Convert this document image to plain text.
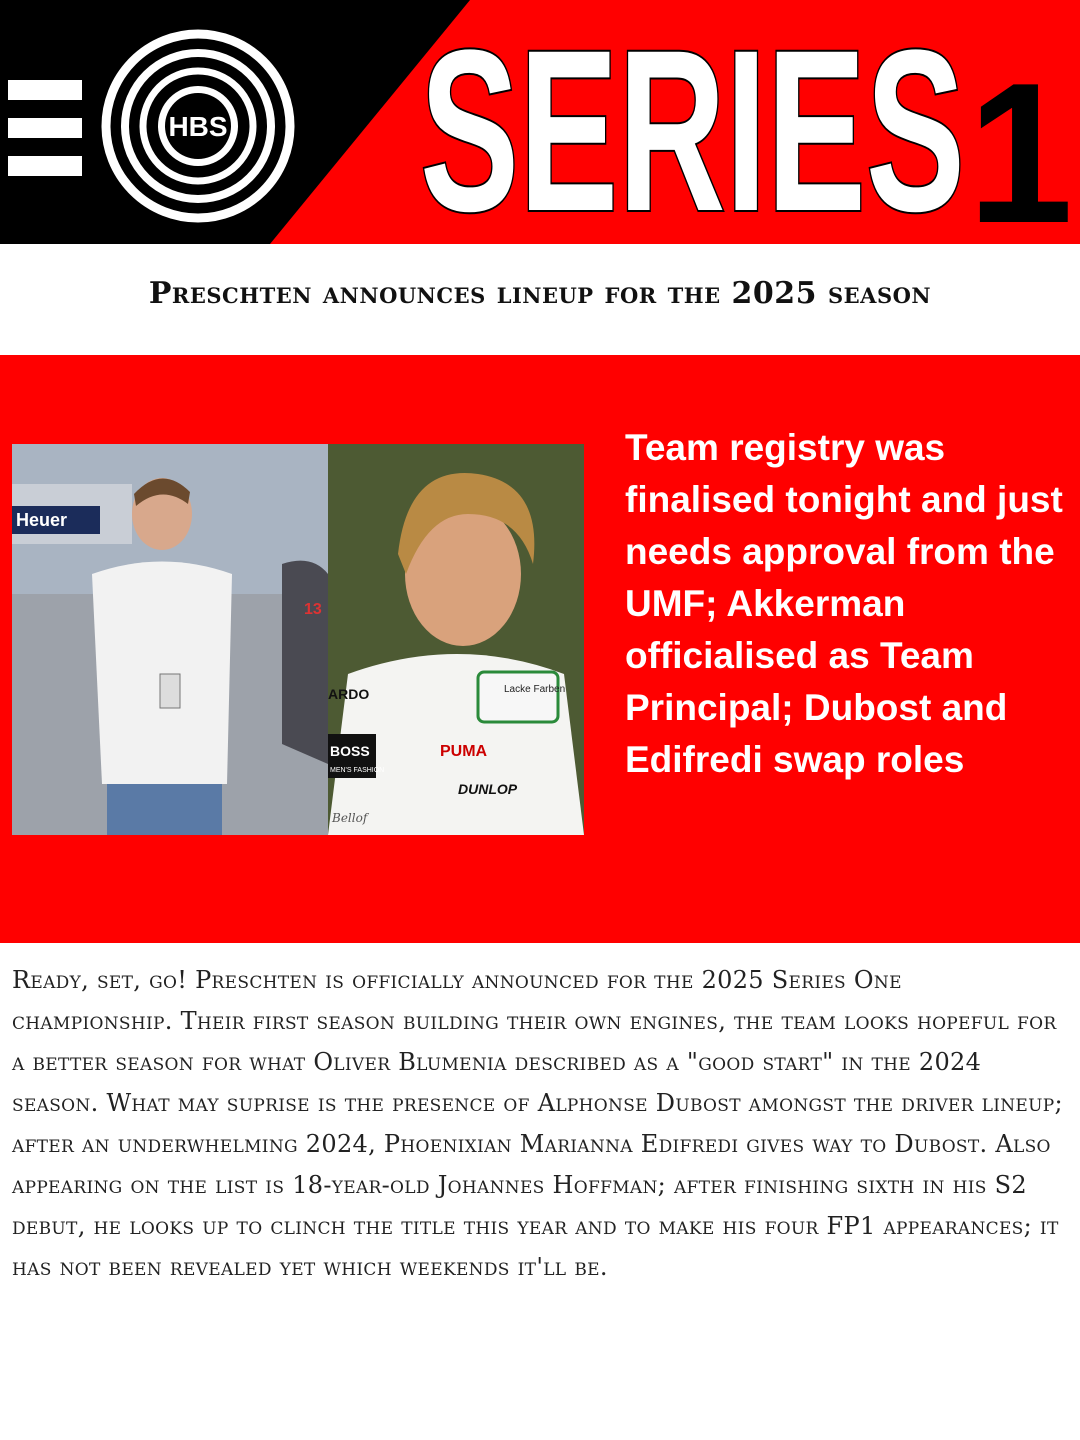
HBS SERIES 1
Preschten announces lineup for the 2025 season
Heuer
13
Lacke Farben
ARDO
BOSS
MEN'S FASHION
PUMA
DUNLOP
Bellof
Team registry was finalised tonight and just needs approval from the UMF; Akkerman officialised as Team Principal; Dubost and Edifredi swap roles
Ready, set, go! Preschten is officially announced for the 2025 Series One championship. Their first season building their own engines, the team looks hopeful for a better season for what Oliver Blumenia described as a "good start" in the 2024 season. What may suprise is the presence of Alphonse Dubost amongst the driver lineup; after an underwhelming 2024, Phoenixian Marianna Edifredi gives way to Dubost. Also appearing on the list is 18-year-old Johannes Hoffman; after finishing sixth in his S2 debut, he looks up to clinch the title this year and to make his four FP1 appearances; it has not been revealed yet which weekends it'll be.
